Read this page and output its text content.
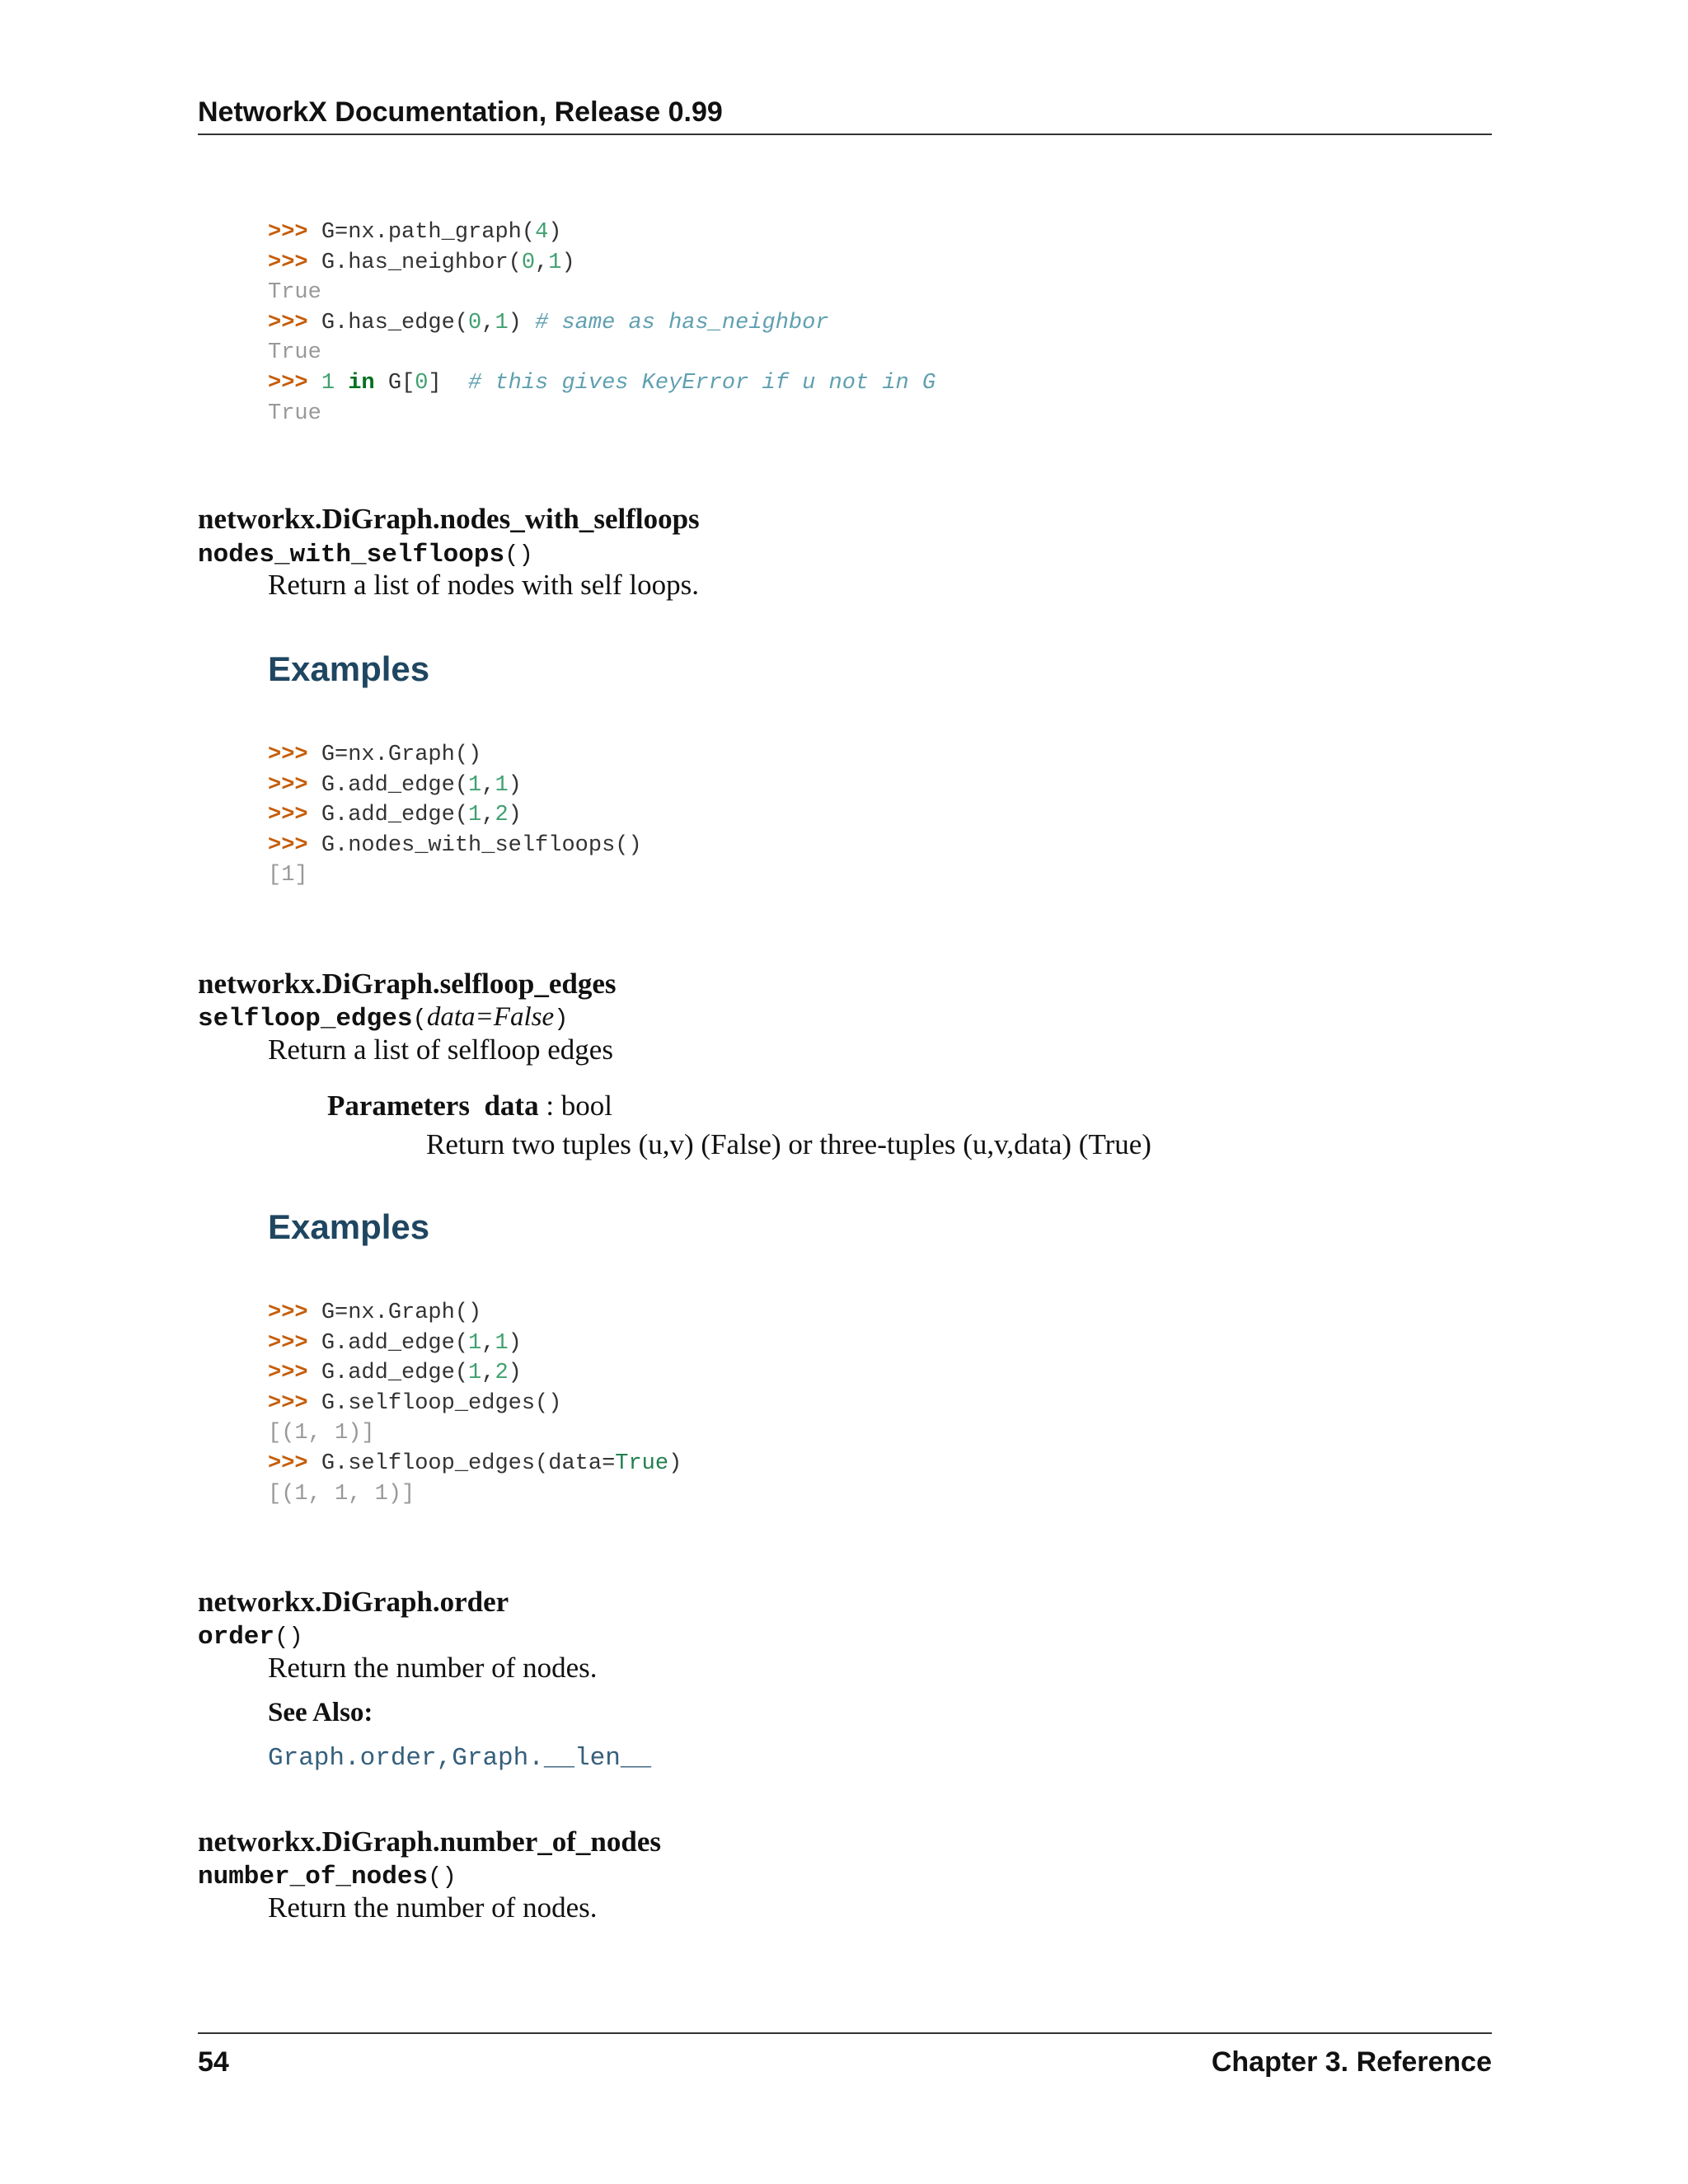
NetworkX Documentation, Release 0.99
>>> G=nx.path_graph(4)
>>> G.has_neighbor(0,1)
True
>>> G.has_edge(0,1) # same as has_neighbor
True
>>> 1 in G[0]  # this gives KeyError if u not in G
True
networkx.DiGraph.nodes_with_selfloops
nodes_with_selfloops()
Return a list of nodes with self loops.
Examples
>>> G=nx.Graph()
>>> G.add_edge(1,1)
>>> G.add_edge(1,2)
>>> G.nodes_with_selfloops()
[1]
networkx.DiGraph.selfloop_edges
selfloop_edges(data=False)
Return a list of selfloop edges
Parameters data : bool
Return two tuples (u,v) (False) or three-tuples (u,v,data) (True)
Examples
>>> G=nx.Graph()
>>> G.add_edge(1,1)
>>> G.add_edge(1,2)
>>> G.selfloop_edges()
[(1, 1)]
>>> G.selfloop_edges(data=True)
[(1, 1, 1)]
networkx.DiGraph.order
order()
Return the number of nodes.
See Also:
Graph.order,Graph.__len__
networkx.DiGraph.number_of_nodes
number_of_nodes()
Return the number of nodes.
54	Chapter 3. Reference
